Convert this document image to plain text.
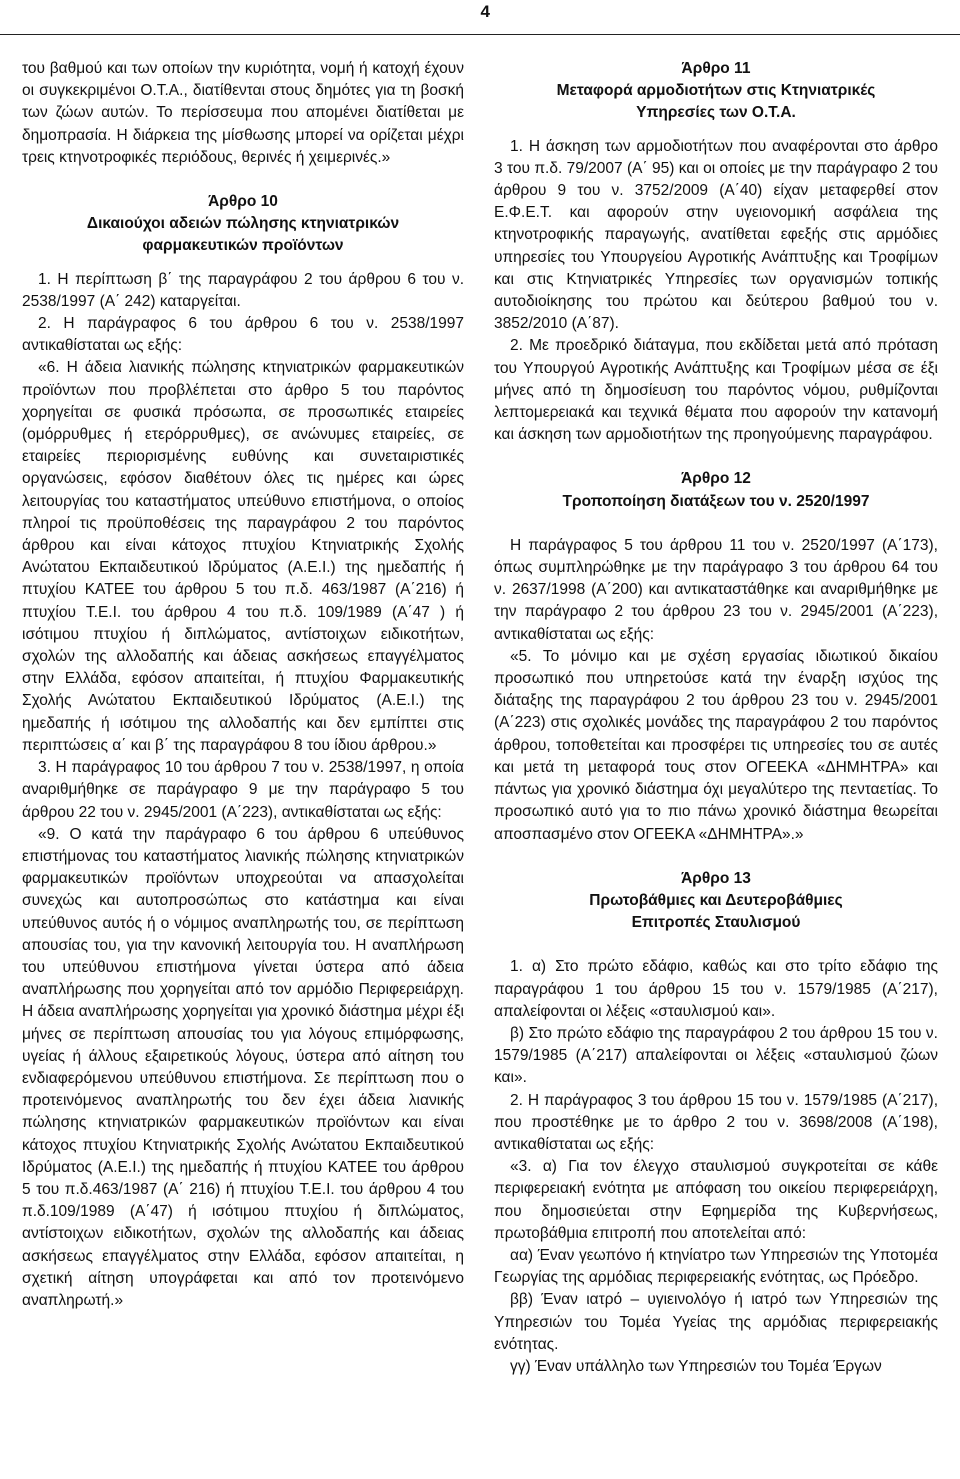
4

του βαθμού και των οποίων την κυριότητα, νομή ή κατοχή έχουν οι συγκεκριμένοι Ο.Τ.Α., διατίθενται στους δημότες για τη βοσκή των ζώων αυτών. Το περίσσευμα που απομένει διατίθεται με δημοπρασία. Η διάρκεια της μίσθωσης μπορεί να ορίζεται μέχρι τρεις κτηνοτροφικές περιόδους, θερινές ή χειμερινές.»

Άρθρο 10

Δικαιούχοι αδειών πώλησης κτηνιατρικών

φαρμακευτικών προϊόντων

1. Η περίπτωση β΄ της παραγράφου 2 του άρθρου 6 του ν. 2538/1997 (Α΄ 242) καταργείται.

2. Η παράγραφος 6 του άρθρου 6 του ν. 2538/1997 αντικαθίσταται ως εξής:

«6. Η άδεια λιανικής πώλησης κτηνιατρικών φαρμακευτικών προϊόντων που προβλέπεται στο άρθρο 5 του παρόντος χορηγείται σε φυσικά πρόσωπα, σε προσωπικές εταιρείες (ομόρρυθμες ή ετερόρρυθμες), σε ανώνυμες εταιρείες, σε εταιρείες περιορισμένης ευθύνης και συνεταιριστικές οργανώσεις, εφόσον διαθέτουν όλες τις ημέρες και ώρες λειτουργίας του καταστήματος υπεύθυνο επιστήμονα, ο οποίος πληροί τις προϋποθέσεις της παραγράφου 2 του παρόντος άρθρου και είναι κάτοχος πτυχίου Κτηνιατρικής Σχολής Ανώτατου Εκπαιδευτικού Ιδρύματος (Α.Ε.Ι.) της ημεδαπής ή πτυχίου ΚΑΤΕΕ του άρθρου 5 του π.δ. 463/1987 (Α΄216) ή πτυχίου Τ.Ε.Ι. του άρθρου 4 του π.δ. 109/1989 (Α΄47 ) ή ισότιμου πτυχίου ή διπλώματος, αντίστοιχων ειδικοτήτων, σχολών της αλλοδαπής και άδειας ασκήσεως επαγγέλματος στην Ελλάδα, εφόσον απαιτείται, ή πτυχίου Φαρμακευτικής Σχολής Ανώτατου Εκπαιδευτικού Ιδρύματος (Α.Ε.Ι.) της ημεδαπής ή ισότιμου της αλλοδαπής και δεν εμπίπτει στις περιπτώσεις α΄ και β΄ της παραγράφου 8 του ίδιου άρθρου.»

3. Η παράγραφος 10 του άρθρου 7 του ν. 2538/1997, η οποία αναριθμήθηκε σε παράγραφο 9 με την παράγραφο 5 του άρθρου 22 του ν. 2945/2001 (Α΄223), αντικαθίσταται ως εξής:

«9. Ο κατά την παράγραφο 6 του άρθρου 6 υπεύθυνος επιστήμονας του καταστήματος λιανικής πώλησης κτηνιατρικών φαρμακευτικών προϊόντων υποχρεούται να απασχολείται συνεχώς και αυτοπροσώπως στο κατάστημα και είναι υπεύθυνος αυτός ή ο νόμιμος αναπληρωτής του, σε περίπτωση απουσίας του, για την κανονική λειτουργία του. Η αναπλήρωση του υπεύθυνου επιστήμονα γίνεται ύστερα από άδεια αναπλήρωσης που χορηγείται από τον αρμόδιο Περιφερειάρχη. Η άδεια αναπλήρωσης χορηγείται για χρονικό διάστημα μέχρι έξι μήνες σε περίπτωση απουσίας του για λόγους επιμόρφωσης, υγείας ή άλλους εξαιρετικούς λόγους, ύστερα από αίτηση του ενδιαφερόμενου υπεύθυνου επιστήμονα. Σε περίπτωση που ο προτεινόμενος αναπληρωτής του δεν έχει άδεια λιανικής πώλησης κτηνιατρικών φαρμακευτικών προϊόντων και είναι κάτοχος πτυχίου Κτηνιατρικής Σχολής Ανώτατου Εκπαιδευτικού Ιδρύματος (Α.Ε.Ι.) της ημεδαπής ή πτυχίου ΚΑΤΕΕ του άρθρου 5 του π.δ.463/1987 (Α΄ 216) ή πτυχίου Τ.Ε.Ι. του άρθρου 4 του π.δ.109/1989 (Α΄47) ή ισότιμου πτυχίου ή διπλώματος, αντίστοιχων ειδικοτήτων, σχολών της αλλοδαπής και άδειας ασκήσεως επαγγέλματος στην Ελλάδα, εφόσον απαιτείται, η σχετική αίτηση υπογράφεται και από τον προτεινόμενο αναπληρωτή.»

Άρθρο 11

Μεταφορά αρμοδιοτήτων στις Κτηνιατρικές

Υπηρεσίες των Ο.Τ.Α.

1. Η άσκηση των αρμοδιοτήτων που αναφέρονται στο άρθρο 3 του π.δ. 79/2007 (Α΄ 95) και οι οποίες με την παράγραφο 2 του άρθρου 9 του ν. 3752/2009 (Α΄40) είχαν μεταφερθεί στον Ε.Φ.Ε.Τ. και αφορούν στην υγειονομική ασφάλεια της κτηνοτροφικής παραγωγής, ανατίθεται εφεξής στις αρμόδιες υπηρεσίες του Υπουργείου Αγροτικής Ανάπτυξης και Τροφίμων και στις Κτηνιατρικές Υπηρεσίες των οργανισμών τοπικής αυτοδιοίκησης του πρώτου και δεύτερου βαθμού του ν. 3852/2010 (Α΄87).

2. Με προεδρικό διάταγμα, που εκδίδεται μετά από πρόταση του Υπουργού Αγροτικής Ανάπτυξης και Τροφίμων μέσα σε έξι μήνες από τη δημοσίευση του παρόντος νόμου, ρυθμίζονται λεπτομερειακά και τεχνικά θέματα που αφορούν την κατανομή και άσκηση των αρμοδιοτήτων της προηγούμενης παραγράφου.

Άρθρο 12

Τροποποίηση διατάξεων του ν. 2520/1997

Η παράγραφος 5 του άρθρου 11 του ν. 2520/1997 (Α΄173), όπως συμπληρώθηκε με την παράγραφο 3 του άρθρου 64 του ν. 2637/1998 (Α΄200) και αντικαταστάθηκε και αναριθμήθηκε με την παράγραφο 2 του άρθρου 23 του ν. 2945/2001 (Α΄223), αντικαθίσταται ως εξής:

«5. Το μόνιμο και με σχέση εργασίας ιδιωτικού δικαίου προσωπικό που υπηρετούσε κατά την έναρξη ισχύος της διάταξης της παραγράφου 2 του άρθρου 23 του ν. 2945/2001 (Α΄223) στις σχολικές μονάδες της παραγράφου 2 του παρόντος άρθρου, τοποθετείται και προσφέρει τις υπηρεσίες του σε αυτές και μετά τη μεταφορά τους στον ΟΓΕΕΚΑ «ΔΗΜΗΤΡΑ» και πάντως για χρονικό διάστημα όχι μεγαλύτερο της πενταετίας. Το προσωπικό αυτό για το πιο πάνω χρονικό διάστημα θεωρείται αποσπασμένο στον ΟΓΕΕΚΑ «ΔΗΜΗΤΡΑ».»

Άρθρο 13

Πρωτοβάθμιες και Δευτεροβάθμιες

Επιτροπές Σταυλισμού

1. α) Στο πρώτο εδάφιο, καθώς και στο τρίτο εδάφιο της παραγράφου 1 του άρθρου 15 του ν. 1579/1985 (Α΄217), απαλείφονται οι λέξεις «σταυλισμού και».

β) Στο πρώτο εδάφιο της παραγράφου 2 του άρθρου 15 του ν. 1579/1985 (Α΄217) απαλείφονται οι λέξεις «σταυλισμού ζώων και».

2. Η παράγραφος 3 του άρθρου 15 του ν. 1579/1985 (Α΄217), που προστέθηκε με το άρθρο 2 του ν. 3698/2008 (Α΄198), αντικαθίσταται ως εξής:

«3. α) Για τον έλεγχο σταυλισμού συγκροτείται σε κάθε περιφερειακή ενότητα με απόφαση του οικείου περιφερειάρχη, που δημοσιεύεται στην Εφημερίδα της Κυβερνήσεως, πρωτοβάθμια επιτροπή που αποτελείται από:

αα) Έναν γεωπόνο ή κτηνίατρο των Υπηρεσιών της Υποτομέα Γεωργίας της αρμόδιας περιφερειακής ενότητας, ως Πρόεδρο.

ββ) Έναν ιατρό – υγιεινολόγο ή ιατρό των Υπηρεσιών της Υπηρεσιών του Τομέα Υγείας της αρμόδιας περιφερειακής ενότητας.

γγ) Έναν υπάλληλο των Υπηρεσιών του Τομέα Έργων
